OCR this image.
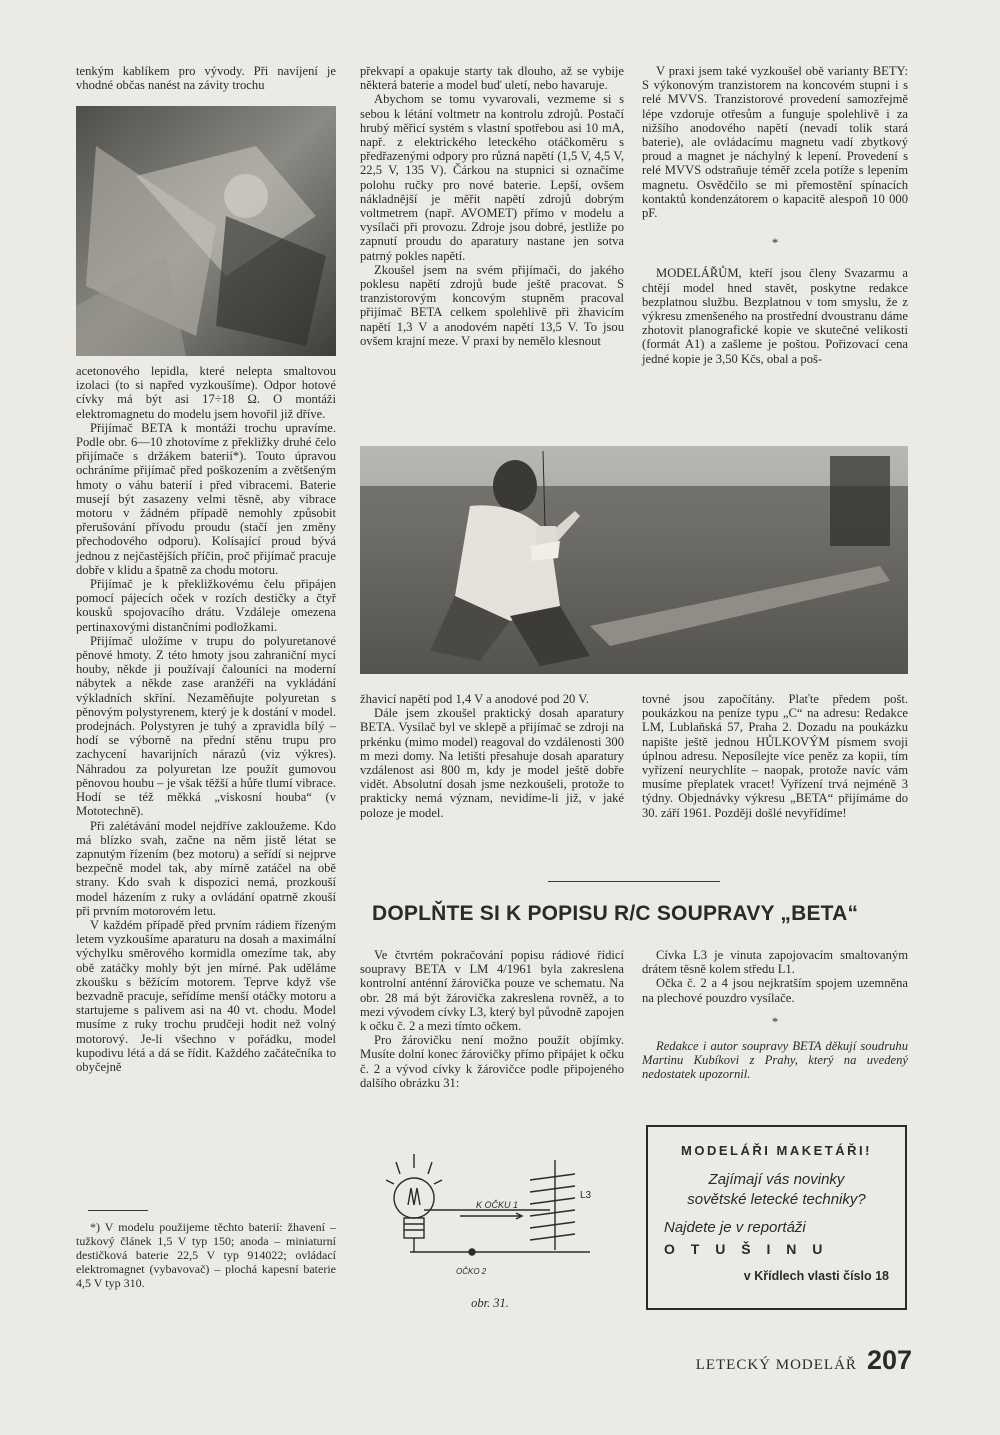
tenkým kablíkem pro vývody. Při navíjení je vhodné občas nanést na závity trochu

acetonového lepidla, které nelepta smaltovou izolaci (to si napřed vyzkoušíme). Odpor hotové cívky má být asi 17÷18 Ω. O montáži elektromagnetu do modelu jsem hovořil již dříve.

Přijímač BETA k montáži trochu upravíme. Podle obr. 6—10 zhotovíme z překližky druhé čelo přijímače s držákem baterií*). Touto úpravou ochráníme přijímač před poškozením a zvětšeným hmoty o váhu baterií i před vibracemi. Baterie musejí být zasazeny velmi těsně, aby vibrace motoru v žádném případě nemohly způsobit přerušování přívodu proudu (stačí jen změny přechodového odporu). Kolísající proud bývá jednou z nejčastějších příčin, proč přijímač pracuje dobře v klidu a špatně za chodu motoru.

Přijímač je k překližkovému čelu připájen pomocí pájecích oček v rozích destičky a čtyř kousků spojovacího drátu. Vzdáleje omezena pertinaxovými distančními podložkami.

Přijímač uložíme v trupu do polyuretanové pěnové hmoty. Z této hmoty jsou zahraniční mycí houby, někde ji používají čalouníci na moderní nábytek a někde zase aranžéři na vykládání výkladních skříní. Nezaměňujte polyuretan s pěnovým polystyrenem, který je k dostání v model. prodejnách. Polystyren je tuhý a zpravidla bílý – hodí se výborně na přední stěnu trupu pro zachycení havarijních nárazů (viz výkres). Náhradou za polyuretan lze použít gumovou pěnovou houbu – je však těžší a hůře tlumí vibrace. Hodí se též měkká „viskosní houba“ (v Mototechně).

Při zalétávání model nejdříve zakloužeme. Kdo má blízko svah, začne na něm jistě létat se zapnutým řízením (bez motoru) a seřídí si nejprve bezpečně model tak, aby mírně zatáčel na obě strany. Kdo svah k dispozici nemá, prozkouší model házením z ruky a ovládání opatrně zkouší při prvním motorovém letu.

V každém případě před prvním rádiem řízeným letem vyzkoušíme aparaturu na dosah a maximální výchylku směrového kormidla omezíme tak, aby obě zatáčky mohly být jen mírné. Pak uděláme zkoušku s běžícím motorem. Teprve když vše bezvadně pracuje, seřídíme menší otáčky motoru a startujeme s palivem asi na 40 vt. chodu. Model musíme z ruky trochu prudčeji hodit než volný motorový. Je-li všechno v pořádku, model kupodivu létá a dá se řídit. Každého začátečníka to obyčejně

*) V modelu použijeme těchto baterií: žhavení – tužkový článek 1,5 V typ 150; anoda – miniaturní destičková baterie 22,5 V typ 914022; ovládací elektromagnet (vybavovač) – plochá kapesní baterie 4,5 V typ 310.

překvapí a opakuje starty tak dlouho, až se vybije některá baterie a model buď uletí, nebo havaruje.

Abychom se tomu vyvarovali, vezmeme si s sebou k létání voltmetr na kontrolu zdrojů. Postačí hrubý měřicí systém s vlastní spotřebou asi 10 mA, např. z elektrického leteckého otáčkoměru s předřazenými odpory pro různá napětí (1,5 V, 4,5 V, 22,5 V, 135 V). Čárkou na stupnici si označíme polohu ručky pro nové baterie. Lepší, ovšem nákladnější je měřit napětí zdrojů dobrým voltmetrem (např. AVOMET) přímo v modelu a vysílači při provozu. Zdroje jsou dobré, jestliže po zapnutí proudu do aparatury nastane jen sotva patrný pokles napětí.

Zkoušel jsem na svém přijímači, do jakého poklesu napětí zdrojů bude ještě pracovat. S tranzistorovým koncovým stupněm pracoval přijímač BETA celkem spolehlivě při žhavicím napětí 1,3 V a anodovém napětí 13,5 V. To jsou ovšem krajní meze. V praxi by nemělo klesnout

V praxi jsem také vyzkoušel obě varianty BETY: S výkonovým tranzistorem na koncovém stupni i s relé MVVS. Tranzistorové provedení samozřejmě lépe vzdoruje otřesům a funguje spolehlivě i za nižšího anodového napětí (nevadí tolik stará baterie), ale ovládacímu magnetu vadí zbytkový proud a magnet je náchylný k lepení. Provedení s relé MVVS odstraňuje téměř zcela potíže s lepením magnetu. Osvědčilo se mi přemostění spínacích kontaktů kondenzátorem o kapacitě alespoň 10 000 pF.

*

MODELÁŘŮM, kteří jsou členy Svazarmu a chtějí model hned stavět, poskytne redakce bezplatnou službu. Bezplatnou v tom smyslu, že z výkresu zmenšeného na prostřední dvoustranu dáme zhotovit planografické kopie ve skutečné velikosti (formát A1) a zašleme je poštou. Pořizovací cena jedné kopie je 3,50 Kčs, obal a poš-

žhavicí napětí pod 1,4 V a anodové pod 20 V.

Dále jsem zkoušel praktický dosah aparatury BETA. Vysílač byl ve sklepě a přijímač se zdroji na prkénku (mimo model) reagoval do vzdálenosti 300 m mezi domy. Na letišti přesahuje dosah aparatury vzdálenost asi 800 m, kdy je model ještě dobře vidět. Absolutní dosah jsme nezkoušeli, protože to prakticky nemá význam, nevidíme-li již, v jaké poloze je model.

tovné jsou započítány. Plaťte předem pošt. poukázkou na peníze typu „C“ na adresu: Redakce LM, Lublaňská 57, Praha 2. Dozadu na poukázku napište ještě jednou HŮLKOVÝM písmem svoji úplnou adresu. Neposílejte více peněz za kopii, tím vyřízení neurychlíte – naopak, protože navíc vám musíme přeplatek vracet! Vyřízení trvá nejméně 3 týdny. Objednávky výkresu „BETA“ přijímáme do 30. září 1961. Později došlé nevyřídíme!

DOPLŇTE SI K POPISU R/C SOUPRAVY „BETA“

Ve čtvrtém pokračování popisu rádiové řídicí soupravy BETA v LM 4/1961 byla zakreslena kontrolní anténní žárovička pouze ve schematu. Na obr. 28 má být žárovička zakreslena rovněž, a to mezi vývodem cívky L3, který byl původně zapojen k očku č. 2 a mezi tímto očkem.

Pro žárovičku není možno použít objímky. Musíte dolní konec žárovičky přímo připájet k očku č. 2 a vývod cívky k žárovičce podle připojeného dalšího obrázku 31:

L3
K OČKU 1
OČKO 2
obr. 31.

Cívka L3 je vinuta zapojovacím smaltovaným drátem těsně kolem středu L1.

Očka č. 2 a 4 jsou nejkratším spojem uzemněna na plechové pouzdro vysílače.

*

Redakce i autor soupravy BETA děkují soudruhu Martinu Kubíkovi z Prahy, který na uvedený nedostatek upozornil.

MODELÁŘI MAKETÁŘI!
Zajímají vás novinky
sovětské letecké techniky?
Najdete je v reportáži
O T U Š I N U
v Křídlech vlasti číslo 18
LETECKÝ MODELÁŘ 207
